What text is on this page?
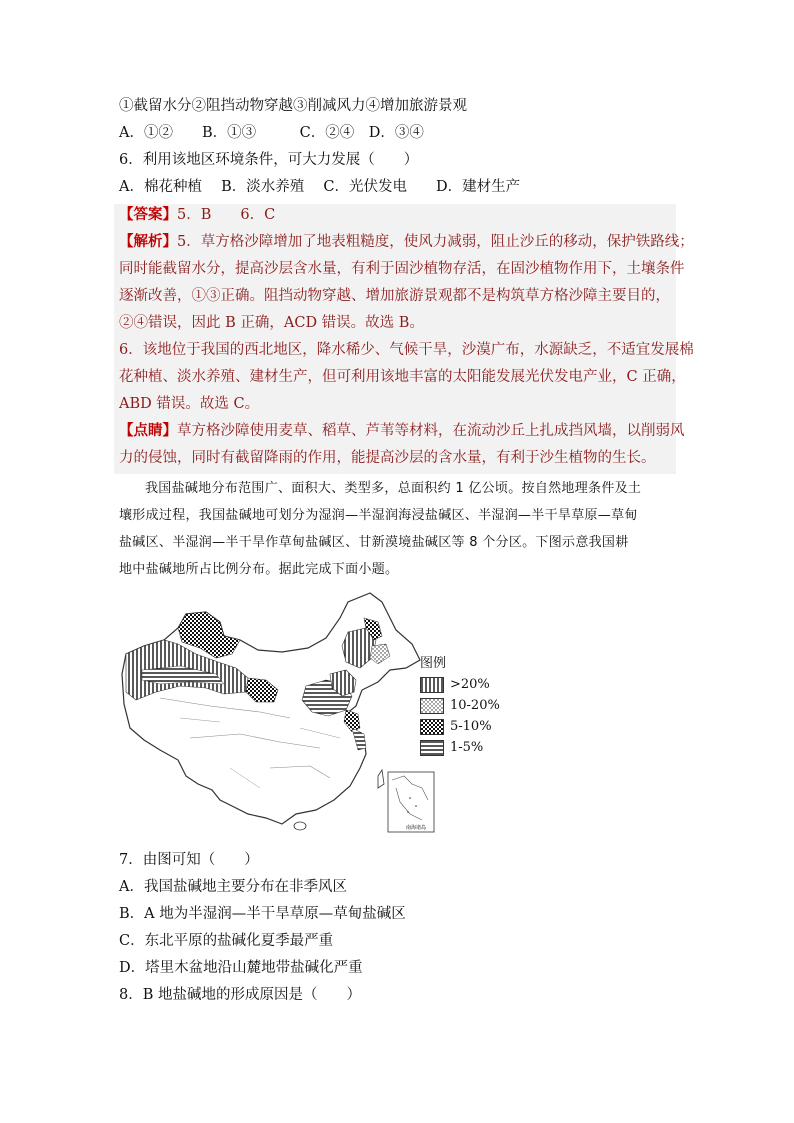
①截留水分②阻挡动物穿越③削减风力④增加旅游景观
A．①②　　B．①③　　　C．②④　D．③④
6．利用该地区环境条件，可大力发展（　　）
A．棉花种植　 B．淡水养殖　 C．光伏发电　　D．建材生产
【答案】5．B　　6．C
【解析】5．草方格沙障增加了地表粗糙度，使风力减弱，阻止沙丘的移动，保护铁路线；
同时能截留水分，提高沙层含水量，有利于固沙植物存活，在固沙植物作用下，土壤条件
逐渐改善，①③正确。阻挡动物穿越、增加旅游景观都不是构筑草方格沙障主要目的，
②④错误，因此 B 正确，ACD 错误。故选 B。
6．该地位于我国的西北地区，降水稀少、气候干旱，沙漠广布，水源缺乏，不适宜发展棉
花种植、淡水养殖、建材生产，但可利用该地丰富的太阳能发展光伏发电产业，C 正确，
ABD 错误。故选 C。
【点睛】草方格沙障使用麦草、稻草、芦苇等材料，在流动沙丘上扎成挡风墙，以削弱风
力的侵蚀，同时有截留降雨的作用，能提高沙层的含水量，有利于沙生植物的生长。
我国盐碱地分布范围广、面积大、类型多，总面积约 1 亿公顷。按自然地理条件及土
壤形成过程，我国盐碱地可划分为湿润—半湿润海浸盐碱区、半湿润—半干旱草原—草甸
盐碱区、半湿润—半干旱作草甸盐碱区、甘新漠境盐碱区等 8 个分区。下图示意我国耕
地中盐碱地所占比例分布。据此完成下面小题。
南海诸岛
图例
>20%
10-20%
5-10%
1-5%
7．由图可知（　　）
A．我国盐碱地主要分布在非季风区
B．A 地为半湿润—半干旱草原—草甸盐碱区
C．东北平原的盐碱化夏季最严重
D．塔里木盆地沿山麓地带盐碱化严重
8．B 地盐碱地的形成原因是（　　）
